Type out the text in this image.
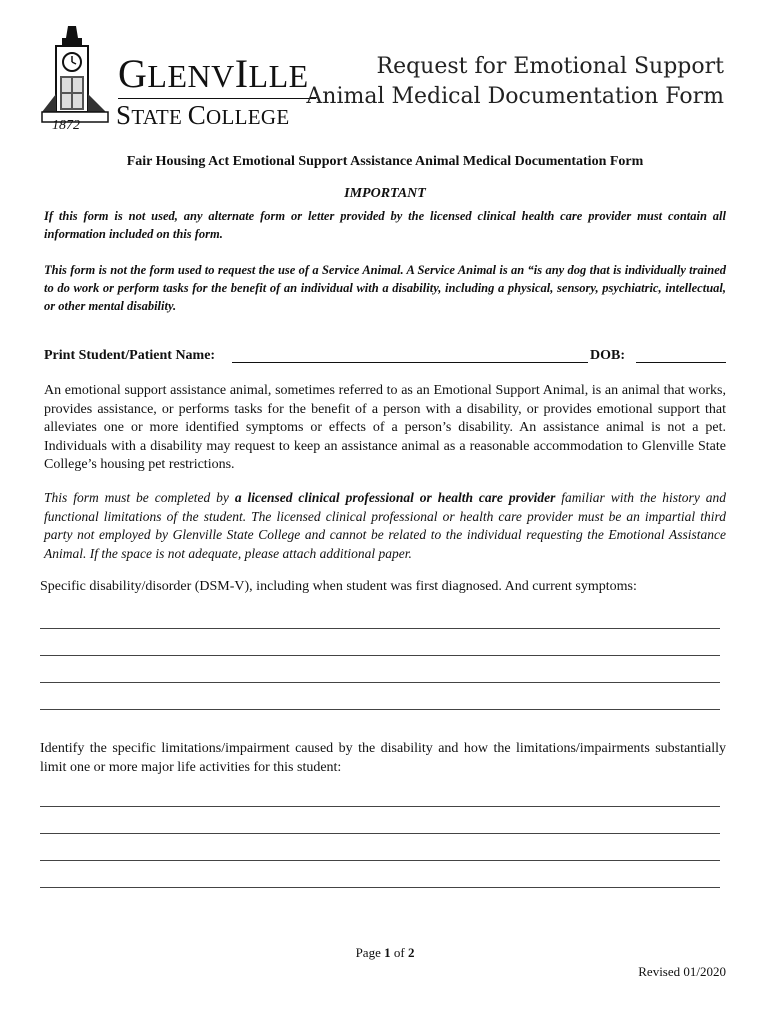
1872
GLENVILLE
STATE COLLEGE
Request for Emotional Support
Animal Medical Documentation Form
Fair Housing Act Emotional Support Assistance Animal Medical Documentation Form
IMPORTANT
If this form is not used, any alternate form or letter provided by the licensed clinical health care provider must contain all information included on this form.
This form is not the form used to request the use of a Service Animal. A Service Animal is an “is any dog that is individually trained to do work or perform tasks for the benefit of an individual with a disability, including a physical, sensory, psychiatric, intellectual, or other mental disability.
Print Student/Patient Name:	DOB:
An emotional support assistance animal, sometimes referred to as an Emotional Support Animal, is an animal that works, provides assistance, or performs tasks for the benefit of a person with a disability, or provides emotional support that alleviates one or more identified symptoms or effects of a person’s disability. An assistance animal is not a pet. Individuals with a disability may request to keep an assistance animal as a reasonable accommodation to Glenville State College’s housing pet restrictions.
This form must be completed by a licensed clinical professional or health care provider familiar with the history and functional limitations of the student. The licensed clinical professional or health care provider must be an impartial third party not employed by Glenville State College and cannot be related to the individual requesting the Emotional Assistance Animal. If the space is not adequate, please attach additional paper.
Specific disability/disorder (DSM-V), including when student was first diagnosed. And current symptoms:
Identify the specific limitations/impairment caused by the disability and how the limitations/impairments substantially limit one or more major life activities for this student:
Page 1 of 2
Revised 01/2020
